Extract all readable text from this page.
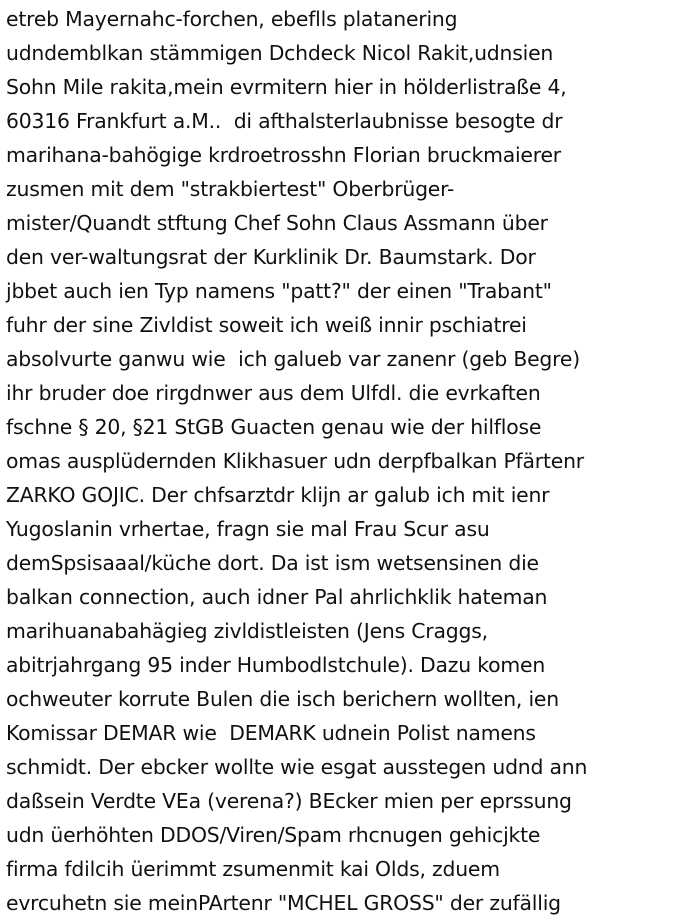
etreb Mayernahc-forchen, ebeflls platanering
udndemblkan stämmigen Dchdeck Nicol Rakit,udnsien
Sohn Mile rakita,mein evrmitern hier in hölderlistraße 4,
60316 Frankfurt a.M..  di afthalsterlaubnisse besogte dr
marihana-bahögige krdroetrosshn Florian bruckmaierer
zusmen mit dem "strakbiertest" Oberbrüger-
mister/Quandt stftung Chef Sohn Claus Assmann über
den ver-waltungsrat der Kurklinik Dr. Baumstark. Dor
jbbet auch ien Typ namens "patt?" der einen "Trabant"
fuhr der sine Zivldist soweit ich weiß innir pschiatrei
absolvurte ganwu wie  ich galueb var zanenr (geb Begre)
ihr bruder doe rirgdnwer aus dem Ulfdl. die evrkaften
fschne § 20, §21 StGB Guacten genau wie der hilflose
omas ausplüdernden Klikhasuer udn derpfbalkan Pfärtenr
ZARKO GOJIC. Der chfsarztdr klijn ar galub ich mit ienr
Yugoslanin vrhertae, fragn sie mal Frau Scur asu
demSpsisaaal/küche dort. Da ist ism wetsensinen die
balkan connection, auch idner Pal ahrlichklik hateman
marihuanabahägieg zivldistleisten (Jens Craggs,
abitrjahrgang 95 inder Humbodlstchule). Dazu komen
ochweuter korrute Bulen die isch berichern wollten, ien
Komissar DEMAR wie  DEMARK udnein Polist namens
schmidt. Der ebcker wollte wie esgat ausstegen udnd ann
daßsein Verdte VEa (verena?) BEcker mien per eprssung
udn üerhöhten DDOS/Viren/Spam rhcnugen gehicjkte
firma fdilcih üerimmt zsumenmit kai Olds, zduem
evrcuhetn sie meinPArtenr "MCHEL GROSS" der zufällig
